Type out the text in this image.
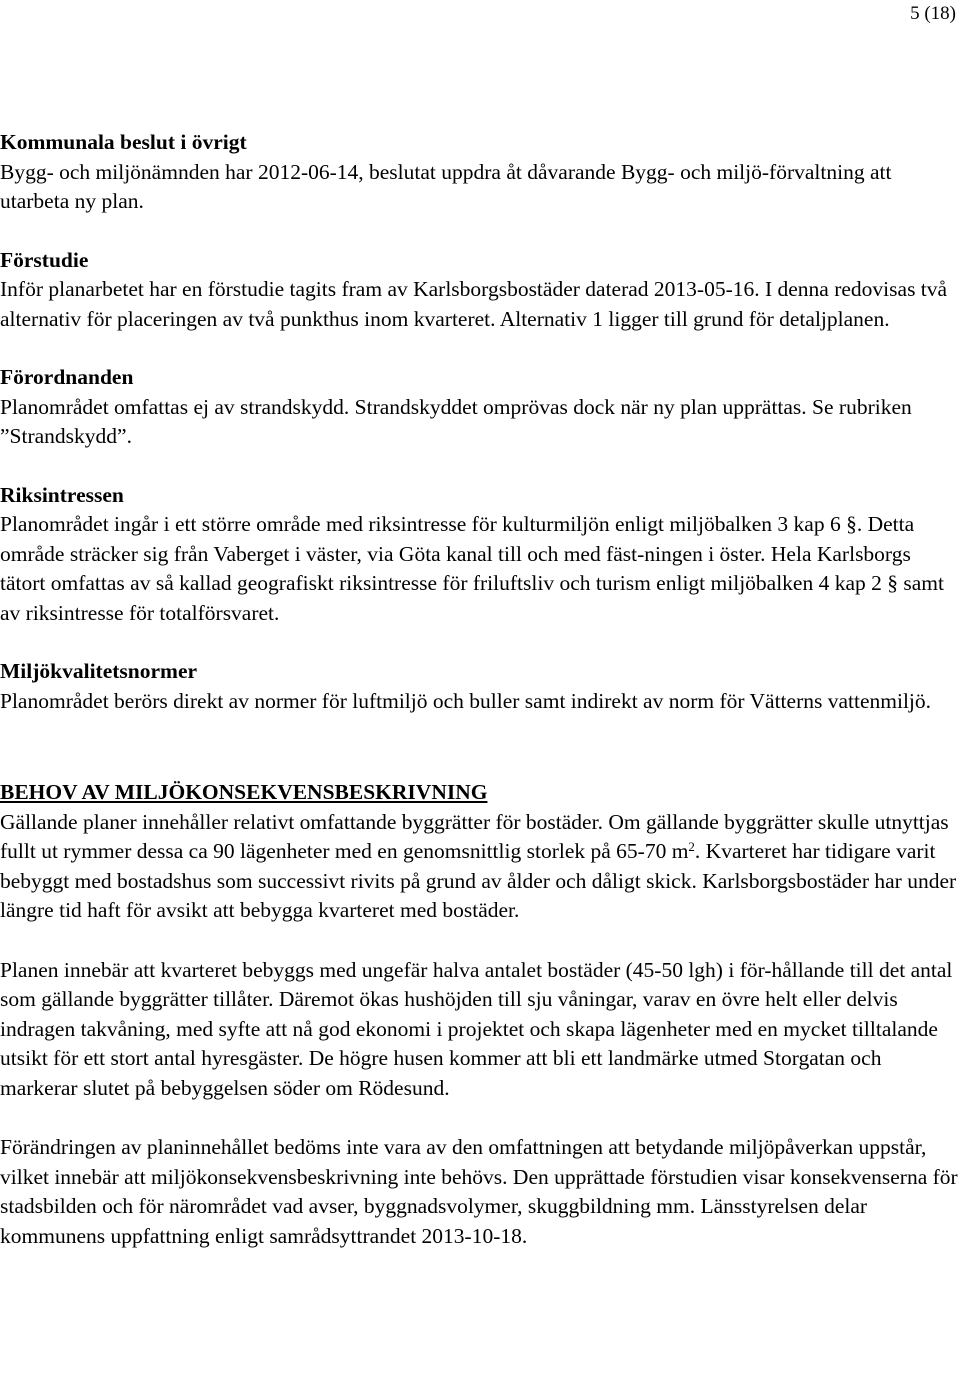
5 (18)

Kommunala beslut i övrigt

Bygg- och miljönämnden har 2012-06-14, beslutat uppdra åt dåvarande Bygg- och miljö-förvaltning att utarbeta ny plan.

Förstudie

Inför planarbetet har en förstudie tagits fram av Karlsborgsbostäder daterad 2013-05-16. I denna redovisas två alternativ för placeringen av två punkthus inom kvarteret. Alternativ 1 ligger till grund för detaljplanen.

Förordnanden

Planområdet omfattas ej av strandskydd. Strandskyddet omprövas dock när ny plan upprättas. Se rubriken ”Strandskydd”.

Riksintressen

Planområdet ingår i ett större område med riksintresse för kulturmiljön enligt miljöbalken 3 kap 6 §. Detta område sträcker sig från Vaberget i väster, via Göta kanal till och med fäst-ningen i öster. Hela Karlsborgs tätort omfattas av så kallad geografiskt riksintresse för friluftsliv och turism enligt miljöbalken 4 kap 2 § samt av riksintresse för totalförsvaret.

Miljökvalitetsnormer

Planområdet berörs direkt av normer för luftmiljö och buller samt indirekt av norm för Vätterns vattenmiljö.

BEHOV AV MILJÖKONSEKVENSBESKRIVNING

Gällande planer innehåller relativt omfattande byggrätter för bostäder. Om gällande byggrätter skulle utnyttjas fullt ut rymmer dessa ca 90 lägenheter med en genomsnittlig storlek på 65-70 $m^2$. Kvarteret har tidigare varit bebyggt med bostadshus som successivt rivits på grund av ålder och dåligt skick. Karlsborgsbostäder har under längre tid haft för avsikt att bebygga kvarteret med bostäder.

Planen innebär att kvarteret bebyggs med ungefär halva antalet bostäder (45-50 lgh) i för-hållande till det antal som gällande byggrätter tillåter. Däremot ökas hushöjden till sju våningar, varav en övre helt eller delvis indragen takvåning, med syfte att nå god ekonomi i projektet och skapa lägenheter med en mycket tilltalande utsikt för ett stort antal hyresgäster. De högre husen kommer att bli ett landmärke utmed Storgatan och markerar slutet på bebyggelsen söder om Rödesund.

Förändringen av planinnehållet bedöms inte vara av den omfattningen att betydande miljöpåverkan uppstår, vilket innebär att miljökonsekvensbeskrivning inte behövs. Den upprättade förstudien visar konsekvenserna för stadsbilden och för närområdet vad avser, byggnadsvolymer, skuggbildning mm. Länsstyrelsen delar kommunens uppfattning enligt samrådsyttrandet 2013-10-18.
